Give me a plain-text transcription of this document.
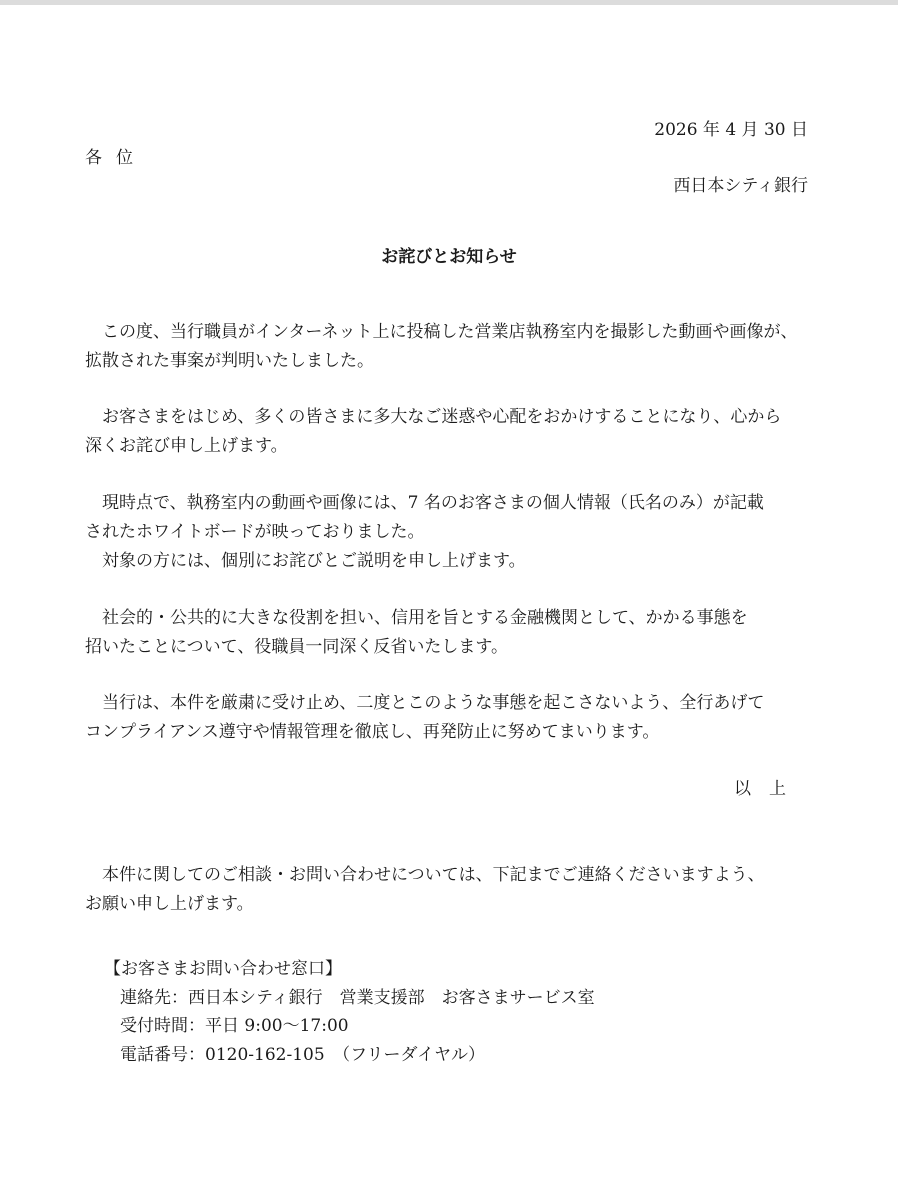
2026 年 4 月 30 日
各位
西日本シティ銀行
お詫びとお知らせ
　この度、当行職員がインターネット上に投稿した営業店執務室内を撮影した動画や画像が、
拡散された事案が判明いたしました。
　お客さまをはじめ、多くの皆さまに多大なご迷惑や心配をおかけすることになり、心から
深くお詫び申し上げます。
　現時点で、執務室内の動画や画像には、7 名のお客さまの個人情報（氏名のみ）が記載
されたホワイトボードが映っておりました。
　対象の方には、個別にお詫びとご説明を申し上げます。
　社会的・公共的に大きな役割を担い、信用を旨とする金融機関として、かかる事態を
招いたことについて、役職員一同深く反省いたします。
　当行は、本件を厳粛に受け止め、二度とこのような事態を起こさないよう、全行あげて
コンプライアンス遵守や情報管理を徹底し、再発防止に努めてまいります。
以上
　本件に関してのご相談・お問い合わせについては、下記までご連絡くださいますよう、
お願い申し上げます。
【お客さまお問い合わせ窓口】
連絡先：西日本シティ銀行　営業支援部　お客さまサービス室
受付時間：平日 9:00～17:00
電話番号：0120-162-105　（フリーダイヤル）
